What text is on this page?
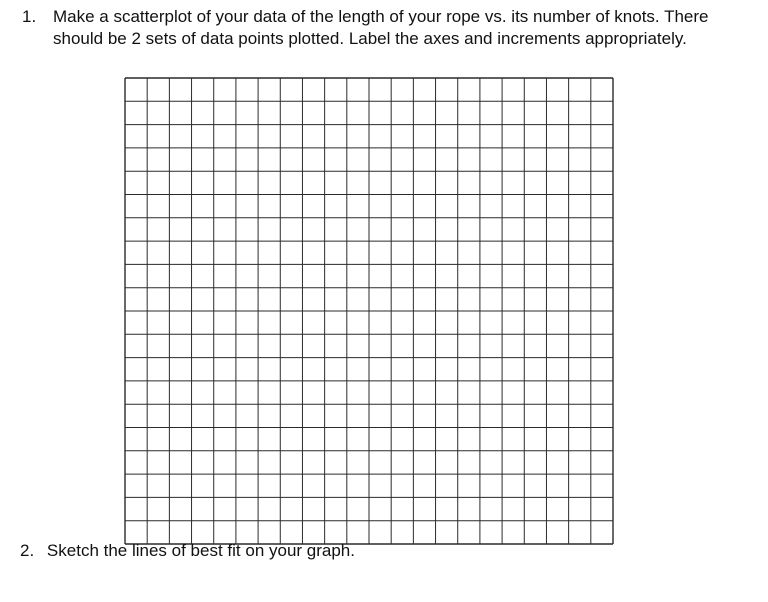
1. Make a scatterplot of your data of the length of your rope vs. its number of knots. There should be 2 sets of data points plotted. Label the axes and increments appropriately.
2. Sketch the lines of best fit on your graph.
